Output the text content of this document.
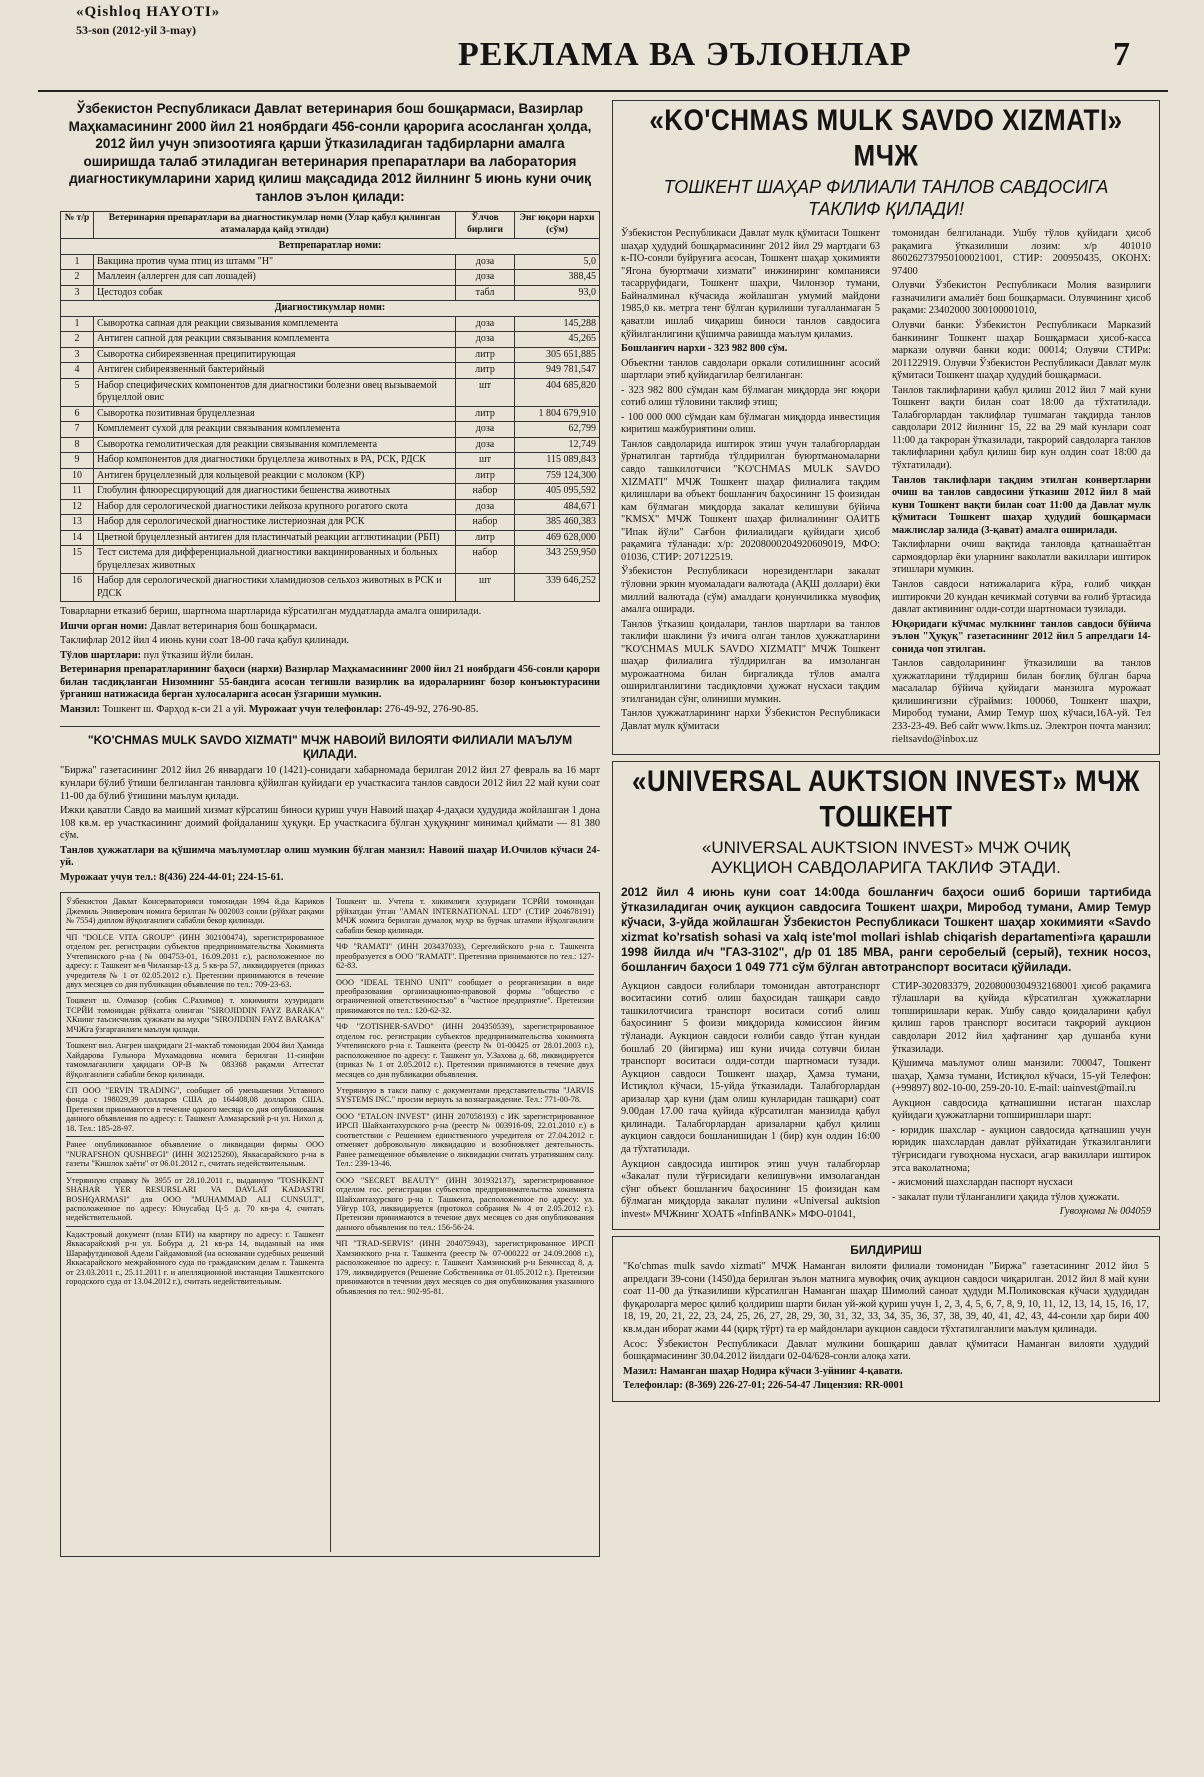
«Qishloq HAYOTI»
53-son (2012-yil 3-may)
РЕКЛАМА ВА ЭЪЛОНЛАР	7
Ўзбекистон Республикаси Давлат ветеринария бош бошқармаси, Вазирлар Маҳкамасининг 2000 йил 21 ноябрдаги 456-сонли қарорига асосланган ҳолда, 2012 йил учун эпизоотияга қарши ўтказиладиган тадбирларни амалга оширишда талаб этиладиган ветеринария препаратлари ва лаборатория диагностикумларини харид қилиш мақсадида 2012 йилнинг 5 июнь куни очиқ танлов эълон қилади:
№ т/р	Ветеринария препаратлари ва диагностикумлар номи (Улар қабул қилинган атамаларда қайд этилди)	Ўлчов бирлиги	Энг юқори нархи (сўм)
Ветпрепаратлар номи:			
1	Вакцина против чума птиц из штамм "Н"	доза	5,0
2	Маллеин (аллерген для сап лошадей)	доза	388,45
3	Цестодоз собак	табл	93,0
Диагностикумлар номи:			
1	Сыворотка сапная для реакции связывания комплемента	доза	145,288
2	Антиген сапной для реакции связывания комплемента	доза	45,265
3	Сыворотка сибиреязвенная преципитирующая	литр	305 651,885
4	Антиген сибиреязвенный бактерийный	литр	949 781,547
5	Набор специфических компонентов для диагностики болезни овец вызываемой бруцеллой овис	шт	404 685,820
6	Сыворотка позитивная бруцеллезная	литр	1 804 679,910
7	Комплемент сухой для реакции связывания комплемента	доза	62,799
8	Сыворотка гемолитическая для реакции связывания комплемента	доза	12,749
9	Набор компонентов для диагностики бруцеллеза животных в РА, РСК, РДСК	шт	115 089,843
10	Антиген бруцеллезный для кольцевой реакции с молоком (КР)	литр	759 124,300
11	Глобулин флюоресцирующий для диагностики бешенства животных	набор	405 095,592
12	Набор для серологической диагностики лейкоза крупного рогатого скота	доза	484,671
13	Набор для серологической диагностике листериозная для РСК	набор	385 460,383
14	Цветной бруцеллезный антиген для пластинчатый реакции агглютинации (РБП)	литр	469 628,000
15	Тест система для дифференциальной диагностики вакцинированных и больных бруцеллезах животных	набор	343 259,950
16	Набор для серологической диагностики хламидиозов сельхоз животных в РСК и РДСК	шт	339 646,252

Товарларни етказиб бериш, шартнома шартларида кўрсатилган муддатларда амалга оширилади.

Ишчи орган номи: Давлат ветеринария бош бошқармаси.

Таклифлар 2012 йил 4 июнь куни соат 18-00 гача қабул қилинади.

Тўлов шартлари: пул ўтказиш йўли билан.

Ветеринария препаратларининг баҳоси (нархи) Вазирлар Маҳкамасининг 2000 йил 21 ноябрдаги 456-сонли қарори билан тасдиқланган Низомнинг 55-бандига асосан тегишли вазирлик ва идораларнинг бозор конъюктурасини ўрганиш натижасида берган хулосаларига асосан ўзгариши мумкин.

Манзил: Тошкент ш. Фарҳод к-си 21 а уй. Мурожаат учун телефонлар: 276-49-92, 276-90-85.

"KO'CHMAS MULK SAVDO XIZMATI" МЧЖ НАВОИЙ ВИЛОЯТИ ФИЛИАЛИ МАЪЛУМ ҚИЛАДИ.

"Биржа" газетасининг 2012 йил 26 январдаги 10 (1421)-сонидаги хабарномада берилган 2012 йил 27 февраль ва 16 март кунлари бўлиб ўтиши белгиланган танловга қўйилган қуйидаги ер участкасига танлов савдоси 2012 йил 22 май куни соат 11-00 да бўлиб ўтишини маълум қилади.

Ижки қаватли Савдо ва маиший хизмат кўрсатиш биноси қуриш учун Навоий шаҳар 4-даҳаси ҳудудида жойлашган 1 дона 108 кв.м. ер участкасининг доимий фойдаланиш ҳуқуқи. Ер участкасига бўлган ҳуқуқнинг минимал қиймати — 81 380 сўм.

Танлов ҳужжатлари ва қўшимча маълумотлар олиш мумкин бўлган манзил: Навоий шаҳар И.Очилов кўчаси 24-уй.

Мурожаат учун тел.: 8(436) 224-44-01; 224-15-61.

Ўзбекистон Давлат Консерваторияси томонидан 1994 й.да Кариков Джемиль Эниверович номига берилган № 002003 сонли (рўйхат рақами № 7554) диплом йўқолганлиги сабабли бекор қилинади.

ЧП "DOLCE VITA GROUP" (ИНН 302100474), зарегистрированное отделом рег. регистрации субъектов предпринимательства Хокимията Учтепинского р-на (№ 004753-01, 16.09.2011 г.), расположенное по адресу: г. Ташкент м-в Чиланзар-13 д. 5 кв-ра 57, ликвидируется (приказ учредителя № 1 от 02.05.2012 г.). Претензии принимаются в течение двух месяцев со дня публикации объявления по тел.: 709-23-63.

Тошкент ш. Олмазор (собик С.Рахимов) т. хокимияти хузуридаги ТСРЙИ томонидан рўйхатга олинган "SIROJIDDIN FAYZ BARAKA" ХКнинг таъсисчилик ҳужжати ва муҳри "SIROJIDDIN FAYZ BARAKA" МЧЖга ўзгарганлиги маълум қилади.

Тошкент вил. Ангрен шаҳридаги 21-мактаб томонидан 2004 йил Ҳамида Хайдарова Гульнора Мухамадовна номига берилган 11-синфни тамомлаганлиги ҳақидаги ОР-В № 083368 рақамли Аттестат йўқолганлиги сабабли бекор қилинади.

СП ООО "ERVIN TRADING", сообщает об уменьшении Уставного фонда с 198029,39 долларов США до 164408,08 долларов США. Претензии принимаются в течение одного месяца со дня опубликования данного объявления по адресу: г. Ташкент Алмазарский р-н ул. Нихол д. 18. Тел.: 185-28-97.

Ранее опубликованное объявление о ликвидации фирмы ООО "NURAFSHON QUSHBEGI" (ИНН 302125260), Яккасарайского р-на в газеты "Кишлок хаёти" от 06.01.2012 г., считать недействительным.

Утерянную справку № 3955 от 28.10.2011 г., выданную "TOSHKENT SHAHAR YER RESURSLARI VA DAVLAT KADASTRI BOSHQARMASI" для ООО "MUHAMMAD ALI CUNSULT", расположенное по адресу: Юнусабад Ц-5 д. 70 кв-ра 4, считать недействительной.

Кадастровый документ (план БТИ) на квартиру по адресу: г. Ташкент Яккасарайский р-н ул. Бобура д. 21 кв-ра 14, выданный на имя Шарафутдиновой Адели Гайдамовной (на основании судебных решений Яккасарайского межрайонного суда по гражданским делам г. Ташкента от 23.03.2011 г., 25.11.2011 г. и апелляционной инстанции Ташкентского городского суда от 13.04.2012 г.), считать недействительным.

Тошкент ш. Учтепа т. хокимлиги хузуридаги ТСРЙИ томонидан рўйхатдан ўтган "AMAN INTERNATIONAL LTD" (СТИР 204678191) МЧЖ номига берилган думалоқ муҳр ва бурчак штампи йўқолганлиги сабабли бекор қилинади.

ЧФ "RAMATI" (ИНН 203437033), Сергелийского р-на г. Ташкента преобразуется в ООО "RAMATI". Претензии принимаются по тел.: 127-62-83.

ООО "IDEAL TEHNO UNIT" сообщает о реорганизации в виде преобразования организационно-правовой формы "общество с ограниченной ответственностью" в "частное предприятие". Претензии принимаются по тел.: 120-62-32.

ЧФ "ZOTISHER-SAVDO" (ИНН 204350539), зарегистрированное отделом гос. регистрации субъектов предпринимательства хокимията Учтепинского р-на г. Ташкента (реестр № 01-00425 от 28.01.2003 г.), расположенное по адресу: г. Ташкент ул. У.Захова д. 68, ликвидируется (приказ № 1 от 2.05.2012 г.). Претензии принимаются в течение двух месяцев со дня публикации объявления.

Утерянную в такси папку с документами представительства "JARVIS SYSTEMS INC." просим вернуть за вознаграждение. Тел.: 771-00-78.

ООО "ETALON INVEST" (ИНН 207058193) с ИК зарегистрированное ИРСП Шайхантахурского р-на (реестр № 003916-09, 22.01.2010 г.) в соответствии с Решением единственного учредителя от 27.04.2012 г. отменяет добровольную ликвидацию и возобновляет деятельность. Ранее размещенное объявление о ликвидации считать утратившим силу. Тел.: 239-13-46.

ООО "SECRET BEAUTY" (ИНН 301932137), зарегистрированное отделом гос. регистрации субъектов предпринимательства хокимията Шайхантахурского р-на г. Ташкента, расположенное по адресу: ул. Уйгур 103, ликвидируется (протокол собрания № 4 от 2.05.2012 г.). Претензии принимаются в течение двух месяцев со дня опубликования данного объявления по тел.: 156-56-24.

ЧП "TRAD-SERVIS" (ИНН 204075943), зарегистрированное ИРСП Хамзинского р-на г. Ташкента (реестр № 07-000222 от 24.09.2008 г.), расположенное по адресу: г. Ташкент Хамзинский р-н Бекчиссад 8, д. 179, ликвидируется (Решение Собственника от 01.05.2012 г.). Претензии принимаются в течении двух месяцев со дня опубликования указанного объявления по тел.: 902-95-81.

«KO'CHMAS MULK SAVDO XIZMATI» МЧЖ
ТОШКЕНТ ШАҲАР ФИЛИАЛИ ТАНЛОВ САВДОСИГА ТАКЛИФ ҚИЛАДИ!

Ўзбекистон Республикаси Давлат мулк қўмитаси Тошкент шаҳар ҳудудий бошқармасининг 2012 йил 29 мартдаги 63 к-ПО-сонли буйруғига асосан, Тошкент шаҳар ҳокимияти "Ягона буюртмачи хизмати" инжиниринг компанияси тасарруфидаги, Тошкент шаҳри, Чилонзор тумани, Байналминал кўчасида жойлашган умумий майдони 1985,0 кв. метрга тенг бўлган қурилиши тугалланмаган 5 қаватли ишлаб чиқариш биноси танлов савдосига қўйилганлигини қўшимча равишда маълум қиламиз.

Бошланғич нархи - 323 982 800 сўм.

Объектни танлов савдолари оркали сотилишнинг асосий шартлари этиб қуйидагилар белгиланган:

- 323 982 800 сўмдан кам бўлмаган миқдорда энг юқори сотиб олиш тўловини таклиф этиш;

- 100 000 000 сўмдан кам бўлмаган миқдорда инвестиция киритиш мажбуриятини олиш.

Танлов савдоларида иштирок этиш учун талабгорлардан ўрнатилган тартибда тўлдирилган буюртманомаларни савдо ташкилотчиси "KO'CHMAS MULK SAVDO XIZMATI" МЧЖ Тошкент шаҳар филиалига тақдим қилишлари ва объект бошланғич баҳосининг 15 фоизидан кам бўлмаган миқдорда закалат келишуви бўйича "KMSX" МЧЖ Тошкент шаҳар филиалининг ОАИТБ "Ипак йўли" Сағбон филиалидаги қуйидаги ҳисоб рақамига тўланади: х/р: 20208000204920609019, МФО: 01036, СТИР: 207122519.

Ўзбекистон Республикаси норезидентлари закалат тўловни эркин муомаладаги валютада (АҚШ доллари) ёки миллий валютада (сўм) амалдаги қонунчиликка мувофиқ амалга оширади.

Танлов ўтказиш қоидалари, танлов шартлари ва танлов таклифи шаклини ўз ичига олган танлов ҳужжатларини "KO'CHMAS MULK SAVDO XIZMATI" МЧЖ Тошкент шаҳар филиалига тўлдирилган ва имзоланган мурожаатнома билан биргаликда тўлов амалга оширилганлигини тасдиқловчи ҳужжат нусхаси тақдим этилганидан сўнг, олиниши мумкин.

Танлов ҳужжатларининг нархи Ўзбекистон Республикаси Давлат мулк қўмитаси

томонидан белгиланади. Ушбу тўлов қуйидаги ҳисоб рақамига ўтказилиши лозим: х/р 401010 860262737950100021001, СТИР: 200950435, ОКОНХ: 97400

Олувчи Ўзбекистон Республикаси Молия вазирлиги ғазначилиги амалиёт бош бошқармаси. Олувчининг ҳисоб рақами: 23402000 300100001010,

Олувчи банки: Ўзбекистон Республикаси Марказий банкининг Тошкент шаҳар Бошқармаси ҳисоб-касса маркази олувчи банки коди: 00014; Олувчи СТИРи: 201122919. Олувчи Ўзбекистон Республикаси Давлат мулк қўмитаси Тошкент шаҳар ҳудудий бошқармаси.

Танлов таклифларини қабул қилиш 2012 йил 7 май куни Тошкент вақти билан соат 18:00 да тўхтатилади. Талабгорлардан таклифлар тушмаган тақдирда танлов савдолари 2012 йилнинг 15, 22 ва 29 май кунлари соат 11:00 да такроран ўтказилади, такрорий савдоларга танлов таклифларини қабул қилиш бир кун олдин соат 18:00 да тўхтатилади).

Танлов таклифлари тақдим этилган конвертларни очиш ва танлов савдосини ўтказиш 2012 йил 8 май куни Тошкент вақти билан соат 11:00 да Давлат мулк қўмитаси Тошкент шаҳар ҳудудий бошқармаси мажлислар залида (3-қават) амалга оширилади.

Таклифларни очиш вақтида танловда қатнашаётган сармоядорлар ёки уларнинг ваколатли вакиллари иштирок этишлари мумкин.

Танлов савдоси натижаларига кўра, ғолиб чиққан иштирокчи 20 кундан кечикмай сотувчи ва ғолиб ўртасида давлат активининг олди-сотди шартномаси тузилади.

Юқоридаги кўчмас мулкнинг танлов савдоси бўйича эълон "Ҳуқуқ" газетасининг 2012 йил 5 апрелдаги 14-сонида чоп этилган.

Танлов савдоларининг ўтказилиши ва танлов ҳужжатларини тўлдириш билан боғлиқ бўлган барча масалалар бўйича қуйидаги манзилга мурожаат қилишингизни сўраймиз: 100060, Тошкент шаҳри, Миробод тумани, Амир Темур шоҳ кўчаси,16А-уй. Тел 233-23-49. Веб сайт www.1kms.uz. Электрон почта манзил: rieltsavdo@inbox.uz

«UNIVERSAL AUKTSION INVEST» МЧЖ ТОШКЕНТ
«UNIVERSAL AUKTSION INVEST» МЧЖ ОЧИҚ АУКЦИОН САВДОЛАРИГА ТАКЛИФ ЭТАДИ.

2012 йил 4 июнь куни соат 14:00да бошланғич баҳоси ошиб бориши тартибида ўтказиладиган очиқ аукцион савдосига Тошкент шаҳри, Миробод тумани, Амир Темур кўчаси, 3-уйда жойлашган Ўзбекистон Республикаси Тошкент шаҳар хокимияти «Savdo xizmat ko'rsatish sohasi va xalq iste'mol mollari ishlab chiqarish departamenti»га қарашли 1998 йилда и/ч "ГАЗ-3102", д/р 01 185 МВА, ранги серобелый (серый), техник носоз, бошланғич баҳоси 1 049 771 сўм бўлган автотранспорт воситаси қўйилади.

Аукцион савдоси ғолиблари томонидан автотранспорт воситасини сотиб олиш баҳосидан ташқари савдо ташкилотчисига транспорт воситаси сотиб олиш баҳосининг 5 фоизи миқдорида комиссион йиғим тўланади. Аукцион савдоси ғолиби савдо ўтган кундан бошлаб 20 (йигирма) иш куни ичида сотувчи билан транспорт воситаси олди-сотди шартномаси тузади. Аукцион савдоси Тошкент шаҳар, Ҳамза тумани, Истиқлол кўчаси, 15-уйда ўтказилади. Талабгорлардан аризалар ҳар куни (дам олиш кунларидан ташқари) соат 9.00дан 17.00 гача қуйида кўрсатилган манзилда қабул қилинади. Талабгорлардан аризаларни қабул қилиш аукцион савдоси бошланишидан 1 (бир) кун олдин 16:00 да тўхтатилади.

Аукцион савдосида иштирок этиш учун талабгорлар «Закалат пули тўғрисидаги келишув»ни имзолагандан сўнг объект бошланғич баҳосининг 15 фоизидан кам бўлмаган миқдорда закалат пулини «Universal auktsion invest» МЧЖнинг ХОАТБ «InfinBANK» МФО-01041,

СТИР-302083379, 20208000304932168001 ҳисоб рақамига тўлашлари ва қуйида кўрсатилган ҳужжатларни топширишлари керак. Ушбу савдо қоидаларини қабул қилиш гаров транспорт воситаси тақрорий аукцион савдолари 2012 йил ҳафтанинг ҳар душанба куни ўтказилади.

Қўшимча маълумот олиш манзили: 700047, Тошкент шаҳар, Ҳамза тумани, Истиқлол кўчаси, 15-уй Телефон: (+99897) 802-10-00, 259-20-10. E-mail: uainvest@mail.ru

Аукцион савдосида қатнашишни истаган шахслар қуйидаги ҳужжатларни топширишлари шарт:

- юридик шахслар - аукцион савдосида қатнашиш учун юридик шахслардан давлат рўйхатидан ўтказилганлиги тўғрисидаги гувоҳнома нусхаси, агар вакиллари иштирок этса ваколатнома;

- жисмоний шахслардан паспорт нусхаси

- закалат пули тўланганлиги ҳақида тўлов ҳужжати.

Гувоҳнома № 004059

БИЛДИРИШ

"Ko'chmas mulk savdo xizmati" МЧЖ Наманган вилояти филиали томонидан "Биржа" газетасининг 2012 йил 5 апрелдаги 39-сони (1450)да берилган эълон матнига мувофиқ очиқ аукцион савдоси чиқарилган. 2012 йил 8 май куни соат 11-00 да ўтказилиши кўрсатилган Наманган шаҳар Шимолий саноат ҳудуди М.Поликовская кўчаси ҳудудидан фуқароларга мерос қилиб қолдириш шарти билан уй-жой қуриш учун 1, 2, 3, 4, 5, 6, 7, 8, 9, 10, 11, 12, 13, 14, 15, 16, 17, 18, 19, 20, 21, 22, 23, 24, 25, 26, 27, 28, 29, 30, 31, 32, 33, 34, 35, 36, 37, 38, 39, 40, 41, 42, 43, 44-сонли ҳар бири 400 кв.м.дан иборат жами 44 (қирқ тўрт) та ер майдонлари аукцион савдоси тўхтатилганлиги маълум қилинади.

Асос: Ўзбекистон Республикаси Давлат мулкини бошқариш давлат қўмитаси Наманган вилояти ҳудудий бошқармасининг 30.04.2012 йилдаги 02-04/628-сонли алоқа хати.

Мазил: Наманган шаҳар Нодира кўчаси 3-уйнинг 4-қавати.

Телефонлар: (8-369) 226-27-01; 226-54-47 Лицензия: RR-0001
